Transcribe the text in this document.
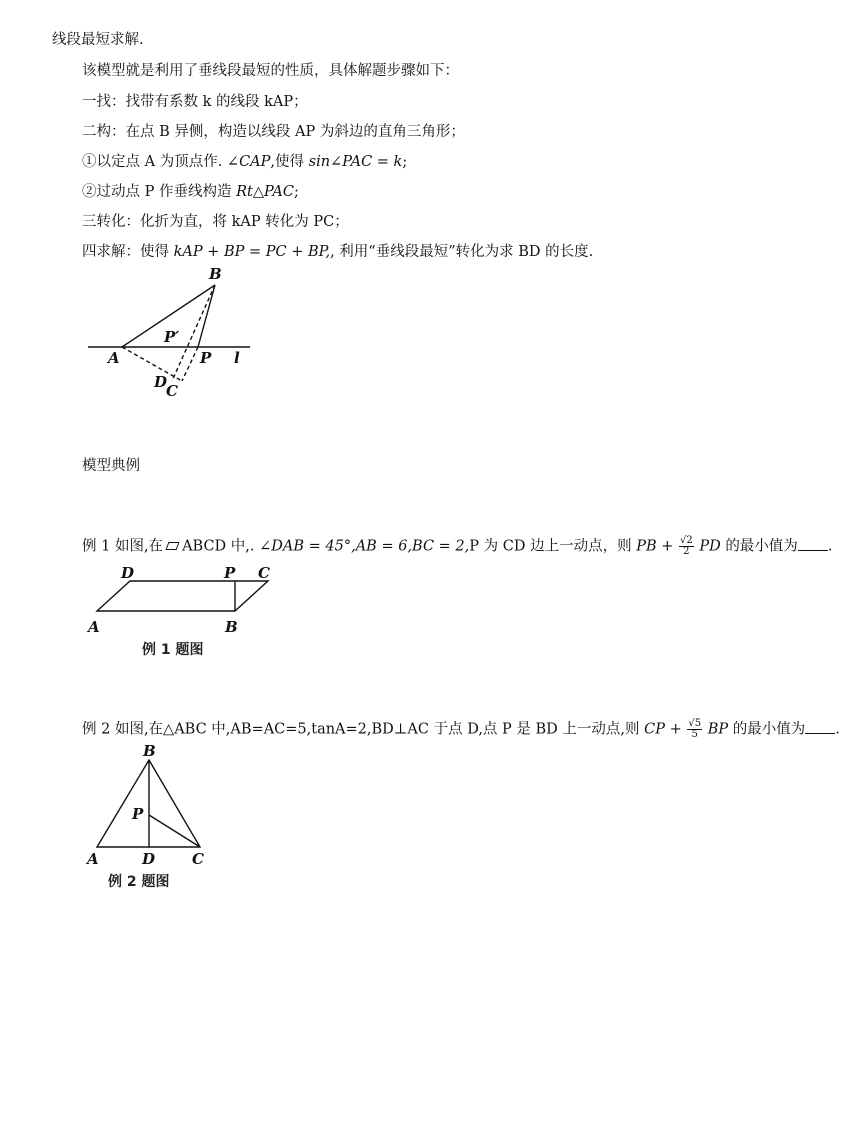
线段最短求解.
该模型就是利用了垂线段最短的性质，具体解题步骤如下：
一找：找带有系数 k 的线段 kAP；
二构：在点 B 异侧，构造以线段 AP 为斜边的直角三角形；
①以定点 A 为顶点作. ∠CAP,使得 sin∠PAC = k;
②过动点 P 作垂线构造 Rt△PAC;
三转化：化折为直，将 kAP 转化为 PC；
四求解：使得 kAP + BP = PC + BP,, 利用“垂线段最短”转化为求 BD 的长度.
B
P′
A	P l
D
C
模型典例
例 1 如图,在 ABCD 中,. ∠DAB = 45°,AB = 6,BC = 2,P 为 CD 边上一动点，则 PB + $\frac{√2}{2}$ PD 的最小值为 .
D	P C
A	B
例 1 题图
例 2 如图,在△ABC 中,AB=AC=5,tanA=2,BD⊥AC 于点 D,点 P 是 BD 上一动点,则 CP + $\frac{√5}{5}$ BP 的最小值为 .
B
P
A	D C
例 2 题图
